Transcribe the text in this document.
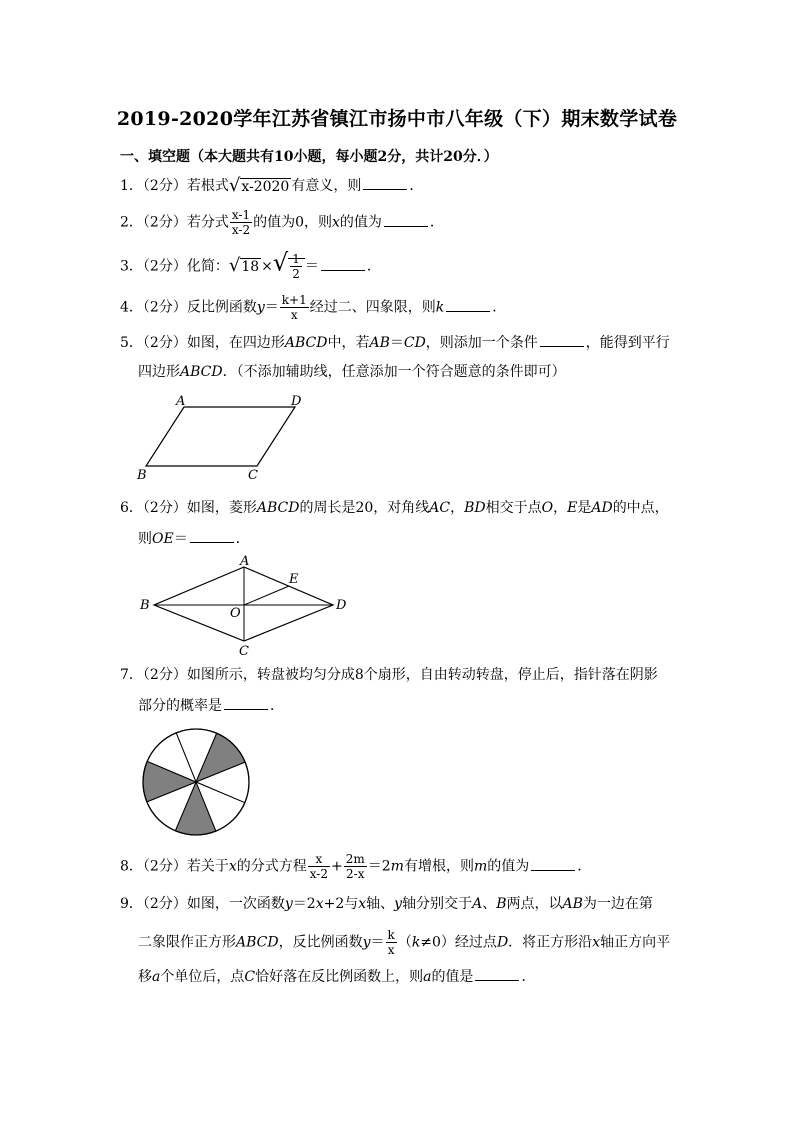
2019-2020学年江苏省镇江市扬中市八年级（下）期末数学试卷
一、填空题（本大题共有10小题，每小题2分，共计20分．）
1．（2分）若根式√x-2020 有意义，则	．
2．（2分）若分式 $\frac{x-1}{x-2}$ 的值为0，则x的值为	．
3．（2分）化简：√18 ×√ $\frac{1}{2}$ ＝	．
4．（2分）反比例函数$y= \frac{k+1}{x}$ 经过二、四象限，则k	．
5．（2分）如图，在四边形ABCD中，若AB＝CD，则添加一个条件	，能得到平行
四边形ABCD．（不添加辅助线，任意添加一个符合题意的条件即可）
A	D
B	C
6．（2分）如图，菱形ABCD的周长是20，对角线AC，BD相交于点O，E是AD的中点，
则OE＝	．
A
B	D
C
E
O
7．（2分）如图所示，转盘被均匀分成8个扇形，自由转动转盘，停止后，指针落在阴影
部分的概率是	．
8．（2分）若关于x的分式方程 $\frac{x}{x-2} + \frac{2m}{2-x} =2m$有增根，则m的值为	．
9．（2分）如图，一次函数y＝2x+2与x轴、y轴分别交于A、B两点，以AB为一边在第
二象限作正方形ABCD，反比例函数$y= \frac{k}{x} (k\ne 0)$经过点D．将正方形沿x轴正方向平
移a个单位后，点C恰好落在反比例函数上，则a的值是	．
